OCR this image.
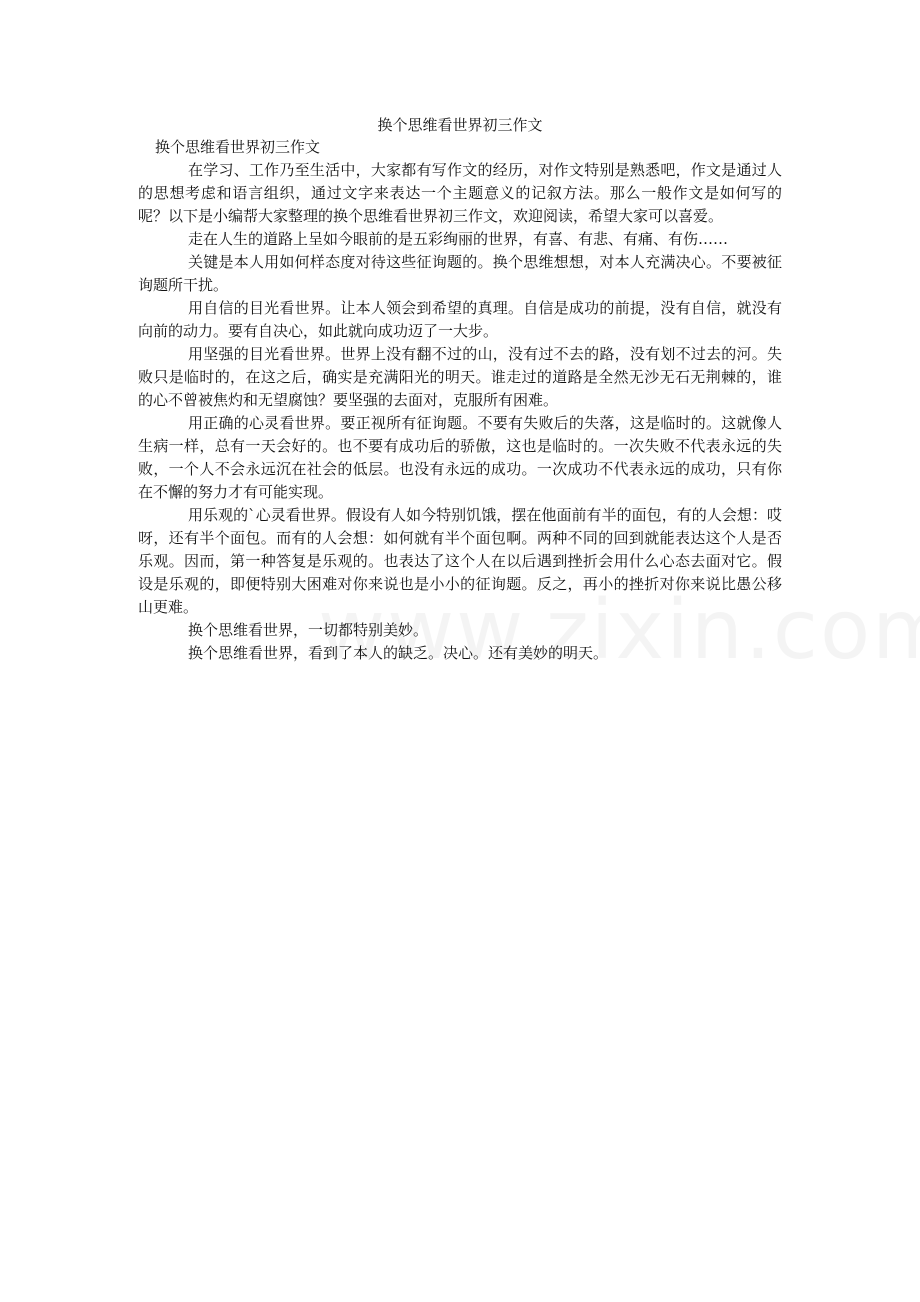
换个思维看世界初三作文

换个思维看世界初三作文

在学习、工作乃至生活中，大家都有写作文的经历，对作文特别是熟悉吧，作文是通过人的思想考虑和语言组织，通过文字来表达一个主题意义的记叙方法。那么一般作文是如何写的呢？以下是小编帮大家整理的换个思维看世界初三作文，欢迎阅读，希望大家可以喜爱。

走在人生的道路上呈如今眼前的是五彩绚丽的世界，有喜、有悲、有痛、有伤……

关键是本人用如何样态度对待这些征询题的。换个思维想想，对本人充满决心。不要被征询题所干扰。

用自信的目光看世界。让本人领会到希望的真理。自信是成功的前提，没有自信，就没有向前的动力。要有自决心，如此就向成功迈了一大步。

用坚强的目光看世界。世界上没有翻不过的山，没有过不去的路，没有划不过去的河。失败只是临时的，在这之后，确实是充满阳光的明天。谁走过的道路是全然无沙无石无荆棘的，谁的心不曾被焦灼和无望腐蚀？要坚强的去面对，克服所有困难。

用正确的心灵看世界。要正视所有征询题。不要有失败后的失落，这是临时的。这就像人生病一样，总有一天会好的。也不要有成功后的骄傲，这也是临时的。一次失败不代表永远的失败，一个人不会永远沉在社会的低层。也没有永远的成功。一次成功不代表永远的成功，只有你在不懈的努力才有可能实现。

用乐观的`心灵看世界。假设有人如今特别饥饿，摆在他面前有半的面包，有的人会想：哎呀，还有半个面包。而有的人会想：如何就有半个面包啊。两种不同的回到就能表达这个人是否乐观。因而，第一种答复是乐观的。也表达了这个人在以后遇到挫折会用什么心态去面对它。假设是乐观的，即便特别大困难对你来说也是小小的征询题。反之，再小的挫折对你来说比愚公移山更难。

换个思维看世界，一切都特别美妙。

换个思维看世界，看到了本人的缺乏。决心。还有美妙的明天。
